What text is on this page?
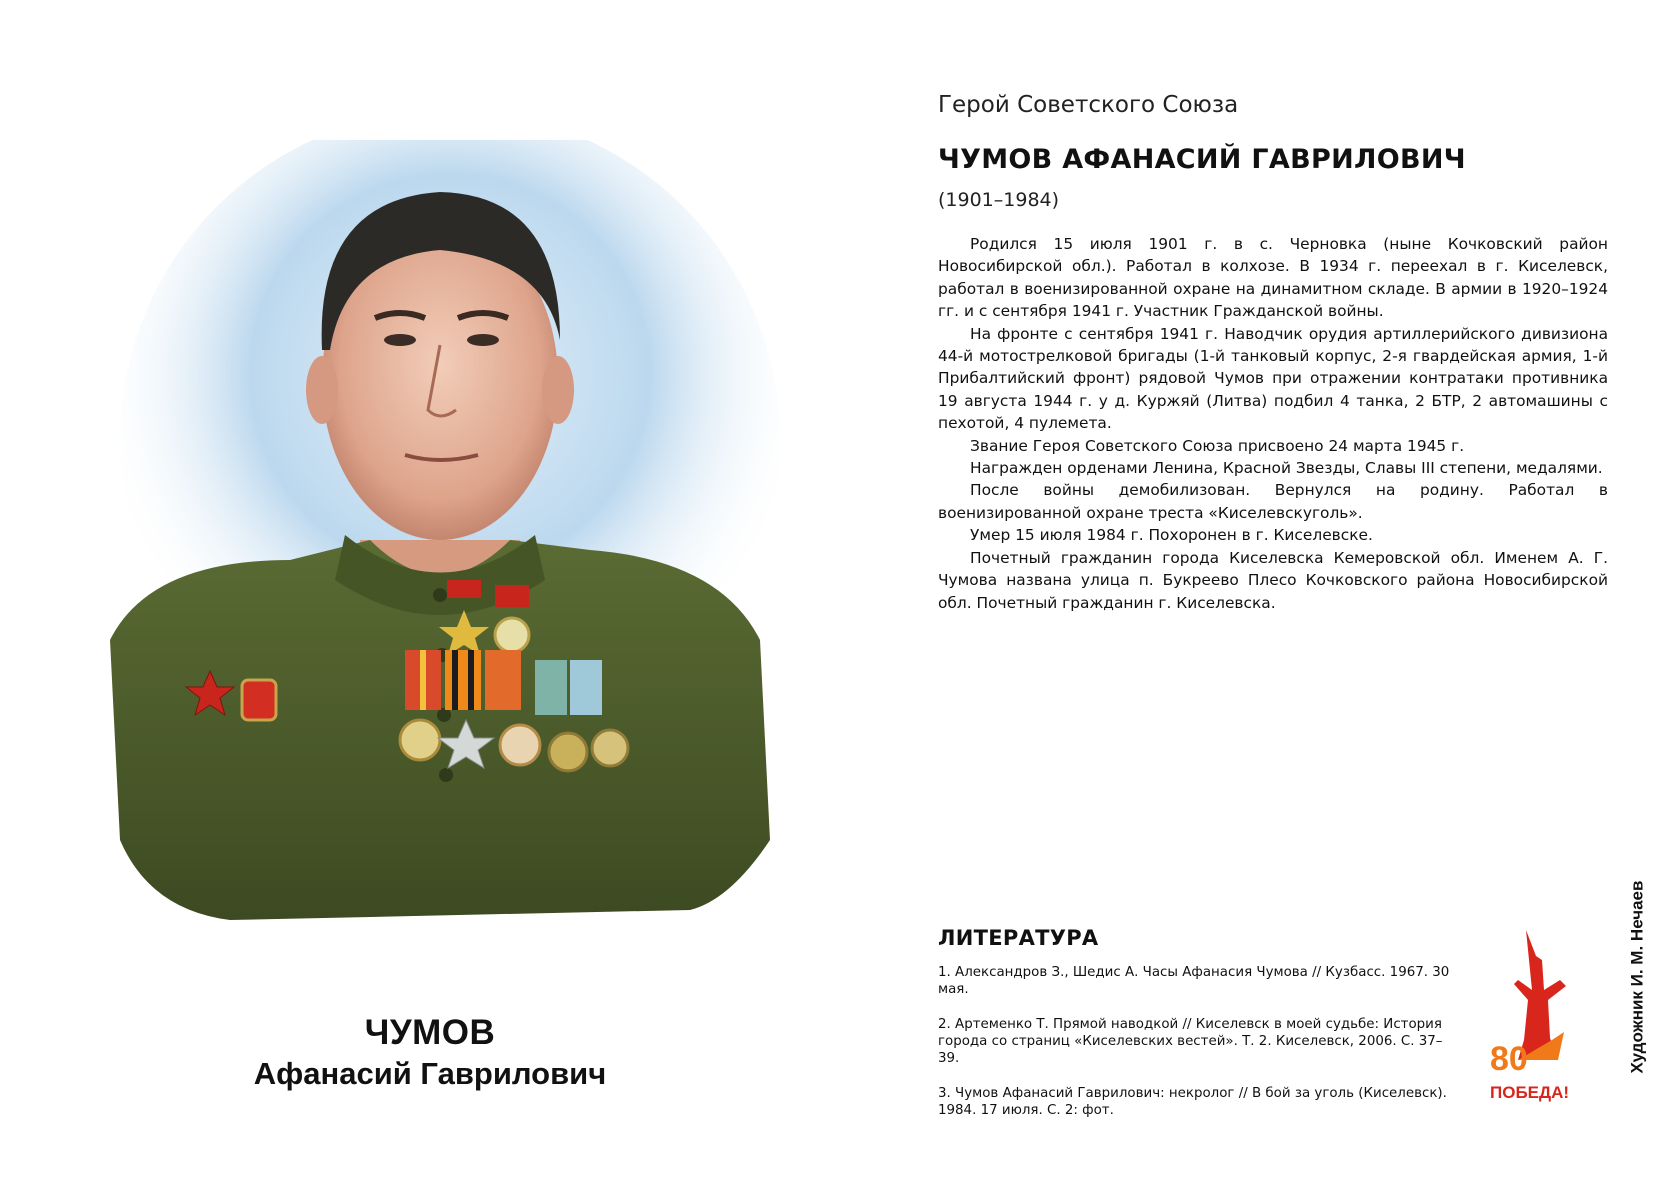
ЧУМОВ
Афанасий Гаврилович
Герой Советского Союза
ЧУМОВ АФАНАСИЙ ГАВРИЛОВИЧ
(1901–1984)

Родился 15 июля 1901 г. в с. Черновка (ныне Кочковский район Новосибирской обл.). Работал в колхозе. В 1934 г. переехал в г. Киселевск, работал в военизированной охране на динамитном складе. В армии в 1920–1924 гг. и с сентября 1941 г. Участник Гражданской войны.

На фронте с сентября 1941 г. Наводчик орудия артиллерийского дивизиона 44-й мотострелковой бригады (1-й танковый корпус, 2-я гвардейская армия, 1-й Прибалтийский фронт) рядовой Чумов при отражении контратаки противника 19 августа 1944 г. у д. Куржяй (Литва) подбил 4 танка, 2 БТР, 2 автомашины с пехотой, 4 пулемета.

Звание Героя Советского Союза присвоено 24 марта 1945 г.

Награжден орденами Ленина, Красной Звезды, Славы III степени, медалями.

После войны демобилизован. Вернулся на родину. Работал в военизированной охране треста «Киселевскуголь».

Умер 15 июля 1984 г. Похоронен в г. Киселевске.

Почетный гражданин города Киселевска Кемеровской обл. Именем А. Г. Чумова названа улица п. Букреево Плесо Кочковского района Новосибирской обл. Почетный гражданин г. Киселевска.

ЛИТЕРАТУРА
1. Александров З., Шедис А. Часы Афанасия Чумова // Кузбасс. 1967. 30 мая.
2. Артеменко Т. Прямой наводкой // Киселевск в моей судьбе: История города со страниц «Киселевских вестей». Т. 2. Киселевск, 2006. С. 37–39.
3. Чумов Афанасий Гаврилович: некролог // В бой за уголь (Киселевск). 1984. 17 июля. С. 2: фот.
80
ПОБЕДА!
Художник И. М. Нечаев
